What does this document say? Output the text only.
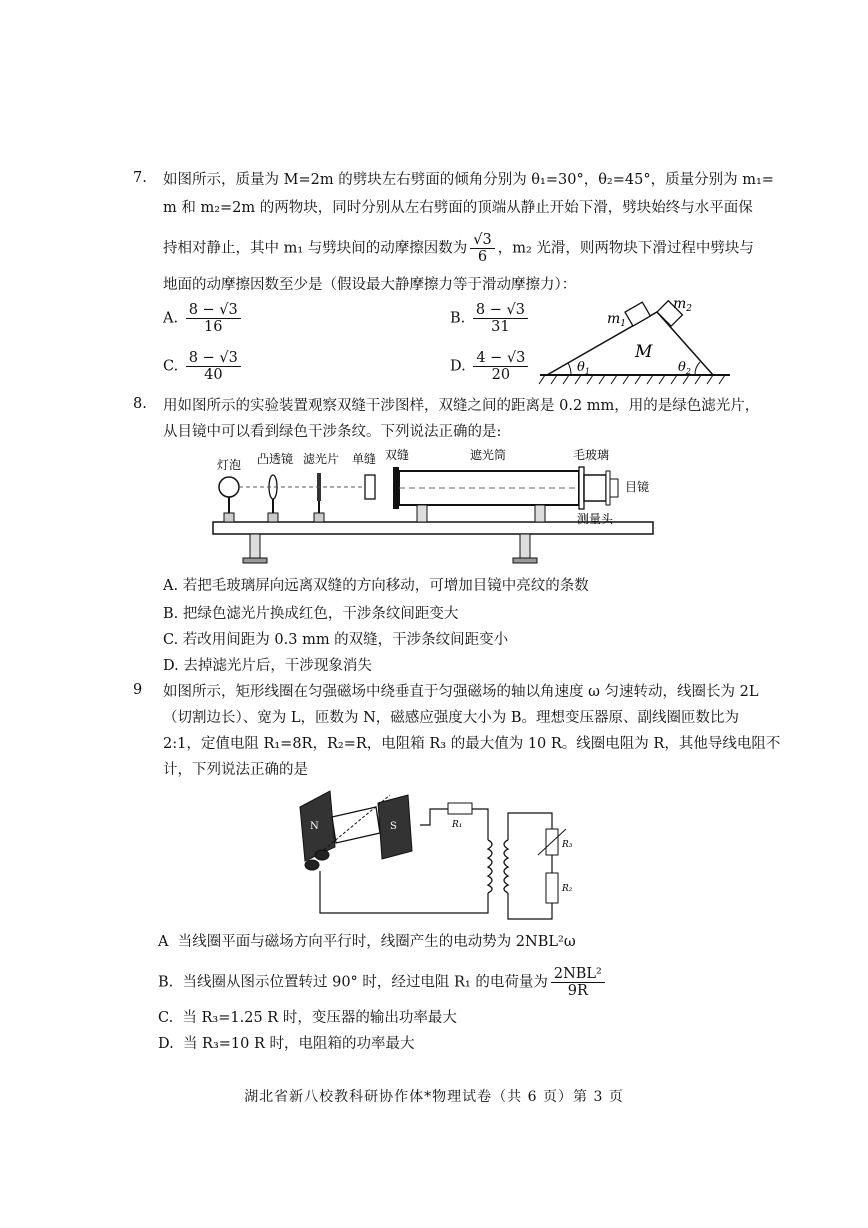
7. 如图所示，质量为 M=2m 的劈块左右劈面的倾角分别为 θ₁=30°，θ₂=45°，质量分别为 m₁=
m 和 m₂=2m 的两物块，同时分别从左右劈面的顶端从静止开始下滑，劈块始终与水平面保
持相对静止，其中 m₁ 与劈块间的动摩擦因数为 $\frac{√3}{6}$ ，m₂ 光滑，则两物块下滑过程中劈块与
地面的动摩擦因数至少是（假设最大静摩擦力等于滑动摩擦力）：
A. $\frac{8 - √3}{16}$	B. $\frac{8 - √3}{31}$
C. $\frac{8 - √3}{40}$	D. $\frac{4 - √3}{20}$
$m_1$
$m_2$
M
$\theta_1$	$\theta_2$
8. 用如图所示的实验装置观察双缝干涉图样，双缝之间的距离是 0.2 mm，用的是绿色滤光片，
从目镜中可以看到绿色干涉条纹。下列说法正确的是:
灯泡 凸透镜 滤光片 单缝 双缝	遮光筒	毛玻璃
目镜
测量头
A. 若把毛玻璃屏向远离双缝的方向移动，可增加目镜中亮纹的条数
B. 把绿色滤光片换成红色，干涉条纹间距变大
C. 若改用间距为 0.3 mm 的双缝，干涉条纹间距变小
D. 去掉滤光片后，干涉现象消失
9 如图所示，矩形线圈在匀强磁场中绕垂直于匀强磁场的轴以角速度 ω 匀速转动，线圈长为 2L
（切割边长）、宽为 L，匝数为 N，磁感应强度大小为 B。理想变压器原、副线圈匝数比为
2:1，定值电阻 R₁=8R，R₂=R，电阻箱 R₃ 的最大值为 10 R。线圈电阻为 R，其他导线电阻不
计，下列说法正确的是
N	S	R₁
R₃
R₂
A 当线圈平面与磁场方向平行时，线圈产生的电动势为 2NBL²ω
B. 当线圈从图示位置转过 90° 时，经过电阻 R₁ 的电荷量为 $\frac{\text{2NBL²}}{9R}$
C. 当 R₃=1.25 R 时，变压器的输出功率最大
D. 当 R₃=10 R 时，电阻箱的功率最大
湖北省新八校教科研协作体*物理试卷（共 6 页）第 3 页
